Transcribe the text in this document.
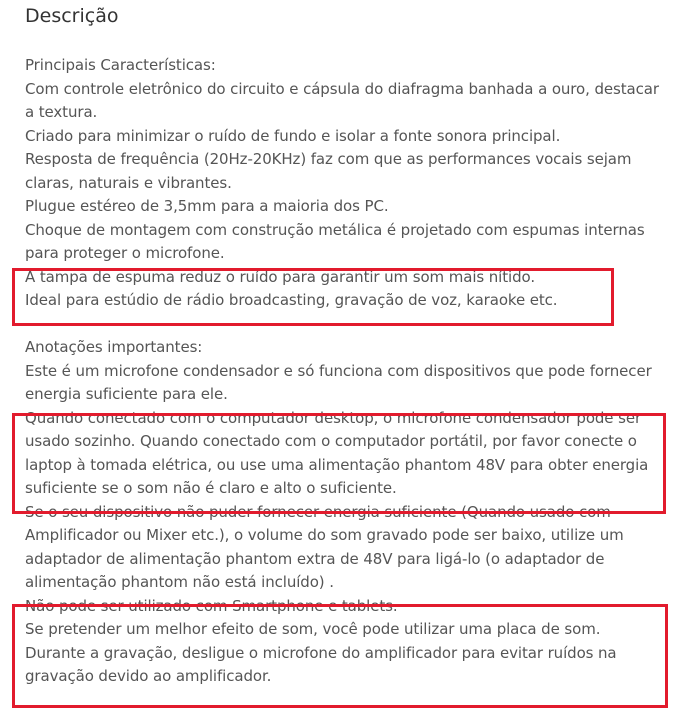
Descrição
Principais Características:
Com controle eletrônico do circuito e cápsula do diafragma banhada a ouro, destacar a textura.
Criado para minimizar o ruído de fundo e isolar a fonte sonora principal.
Resposta de frequência (20Hz-20KHz) faz com que as performances vocais sejam claras, naturais e vibrantes.
Plugue estéreo de 3,5mm para a maioria dos PC.
Choque de montagem com construção metálica é projetado com espumas internas para proteger o microfone.
A tampa de espuma reduz o ruído para garantir um som mais nítido.
Ideal para estúdio de rádio broadcasting, gravação de voz, karaoke etc.
Anotações importantes:
Este é um microfone condensador e só funciona com dispositivos que pode fornecer energia suficiente para ele.
Quando conectado com o computador desktop, o microfone condensador pode ser usado sozinho. Quando conectado com o computador portátil, por favor conecte o laptop à tomada elétrica, ou use uma alimentação phantom 48V para obter energia suficiente se o som não é claro e alto o suficiente.
Se o seu dispositivo não puder fornecer energia suficiente (Quando usado com Amplificador ou Mixer etc.), o volume do som gravado pode ser baixo, utilize um adaptador de alimentação phantom extra de 48V para ligá-lo (o adaptador de alimentação phantom não está incluído) .
Não pode ser utilizado com Smartphone e tablets.
Se pretender um melhor efeito de som, você pode utilizar uma placa de som.
Durante a gravação, desligue o microfone do amplificador para evitar ruídos na gravação devido ao amplificador.
